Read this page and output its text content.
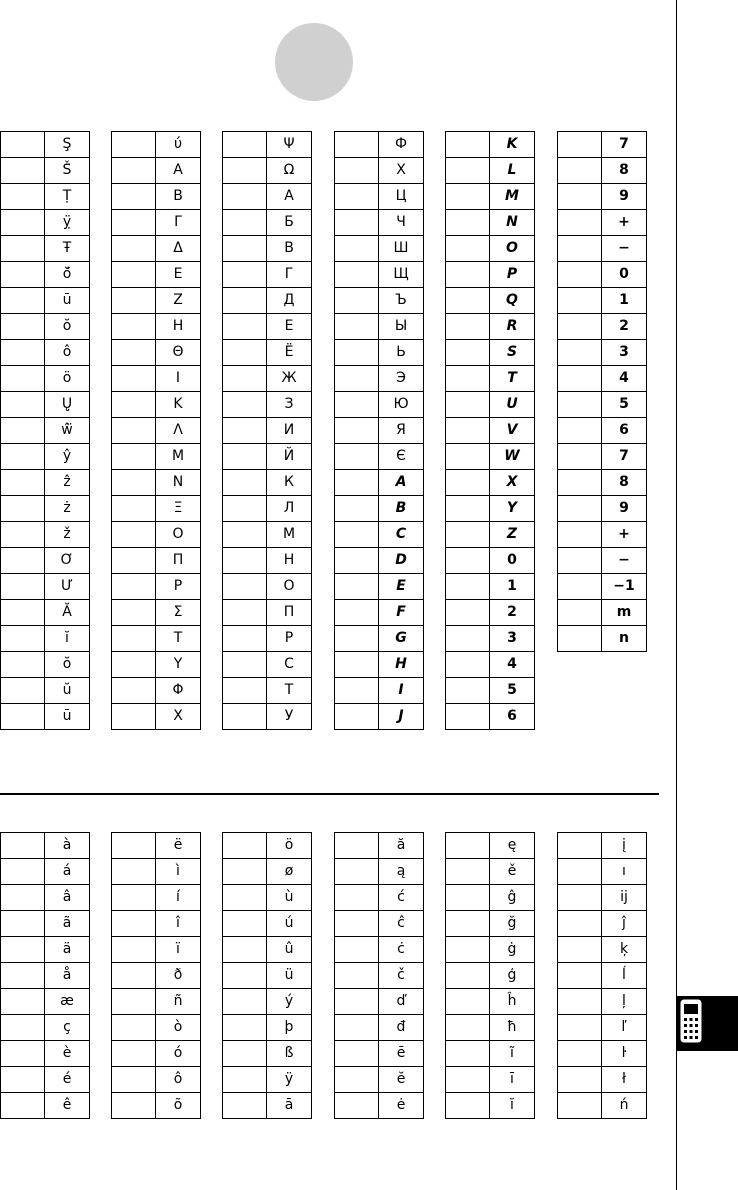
	Ş̣
	Š̈
	Ṭ
	ỵ̈
	Ŧ
	ŏ̆
	ū
	ŏ
	ô
	ö
	Ų̣
	ŵ̈
	ŷ
	ẑ
	ż
	ž
	Ơ
	Ư
	Ă
	ĭ
	ŏ
	ŭ
	ū
	ύ
	Α
	Β
	Γ
	Δ
	Ε
	Ζ
	Η
	Θ
	Ι
	Κ
	Λ
	Μ
	Ν
	Ξ
	Ο
	Π
	Ρ
	Σ
	Τ
	Υ
	Φ
	Χ
	Ψ
	Ω
	А
	Б
	В
	Г
	Д
	Е
	Ё
	Ж
	З
	И
	Й
	К
	Л
	М
	Н
	О
	П
	Р
	С
	Т
	У
	Ф
	Х
	Ц
	Ч
	Ш
	Щ
	Ъ
	Ы
	Ь
	Э
	Ю
	Я
	Є
	A
	B
	C
	D
	E
	F
	G
	H
	I
	J
	K
	L
	M
	N
	O
	P
	Q
	R
	S
	T
	U
	V
	W
	X
	Y
	Z
	0
	1
	2
	3
	4
	5
	6
	7
	8
	9
	+
	−
	0
	1
	2
	3
	4
	5
	6
	7
	8
	9
	+
	−
	−1
	m
	n
	à
	á
	â
	ã
	ä
	å
	æ
	ç
	è
	é
	ê
	ë
	ì
	í
	î
	ï
	ð
	ñ
	ò
	ó
	ô
	õ
	ö
	ø
	ù
	ú
	û
	ü
	ý
	þ
	ß
	ÿ
	ā
	ă
	ą
	ć
	ĉ
	ċ
	č
	ď
	đ
	ē
	ĕ
	ė
	ę
	ě
	ĝ
	ğ
	ġ
	ģ
	ĥ
	ħ
	ĩ
	ī
	ĭ
	į
	ı
	ĳ
	ĵ
	ķ
	ĺ
	ļ
	ľ
	ŀ
	ł
	ń
